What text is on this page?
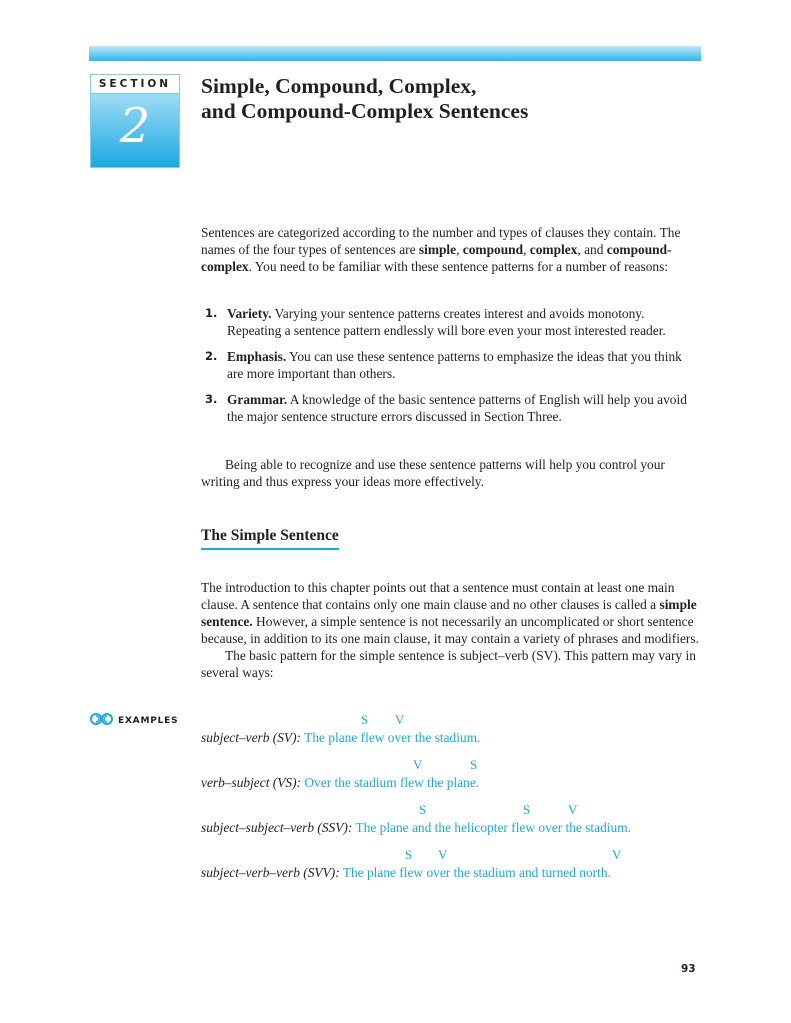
SECTION
2
Simple, Compound, Complex,
and Compound-Complex Sentences
Sentences are categorized according to the number and types of clauses they contain. The names of the four types of sentences are simple, compound, complex, and compound-complex. You need to be familiar with these sentence patterns for a number of reasons:
1. Variety. Varying your sentence patterns creates interest and avoids monotony. Repeating a sentence pattern endlessly will bore even your most interested reader.
2. Emphasis. You can use these sentence patterns to emphasize the ideas that you think are more important than others.
3. Grammar. A knowledge of the basic sentence patterns of English will help you avoid the major sentence structure errors discussed in Section Three.
Being able to recognize and use these sentence patterns will help you control your writing and thus express your ideas more effectively.
The Simple Sentence
The introduction to this chapter points out that a sentence must contain at least one main clause. A sentence that contains only one main clause and no other clauses is called a simple sentence. However, a simple sentence is not necessarily an uncomplicated or short sentence because, in addition to its one main clause, it may contain a variety of phrases and modifiers.
The basic pattern for the simple sentence is subject–verb (SV). This pattern may vary in several ways:
EXAMPLES	S V
subject–verb (SV): The plane flew over the stadium.
V	S
verb–subject (VS): Over the stadium flew the plane.
S	S	V
subject–subject–verb (SSV): The plane and the helicopter flew over the stadium.
S V	V
subject–verb–verb (SVV): The plane flew over the stadium and turned north.
93
